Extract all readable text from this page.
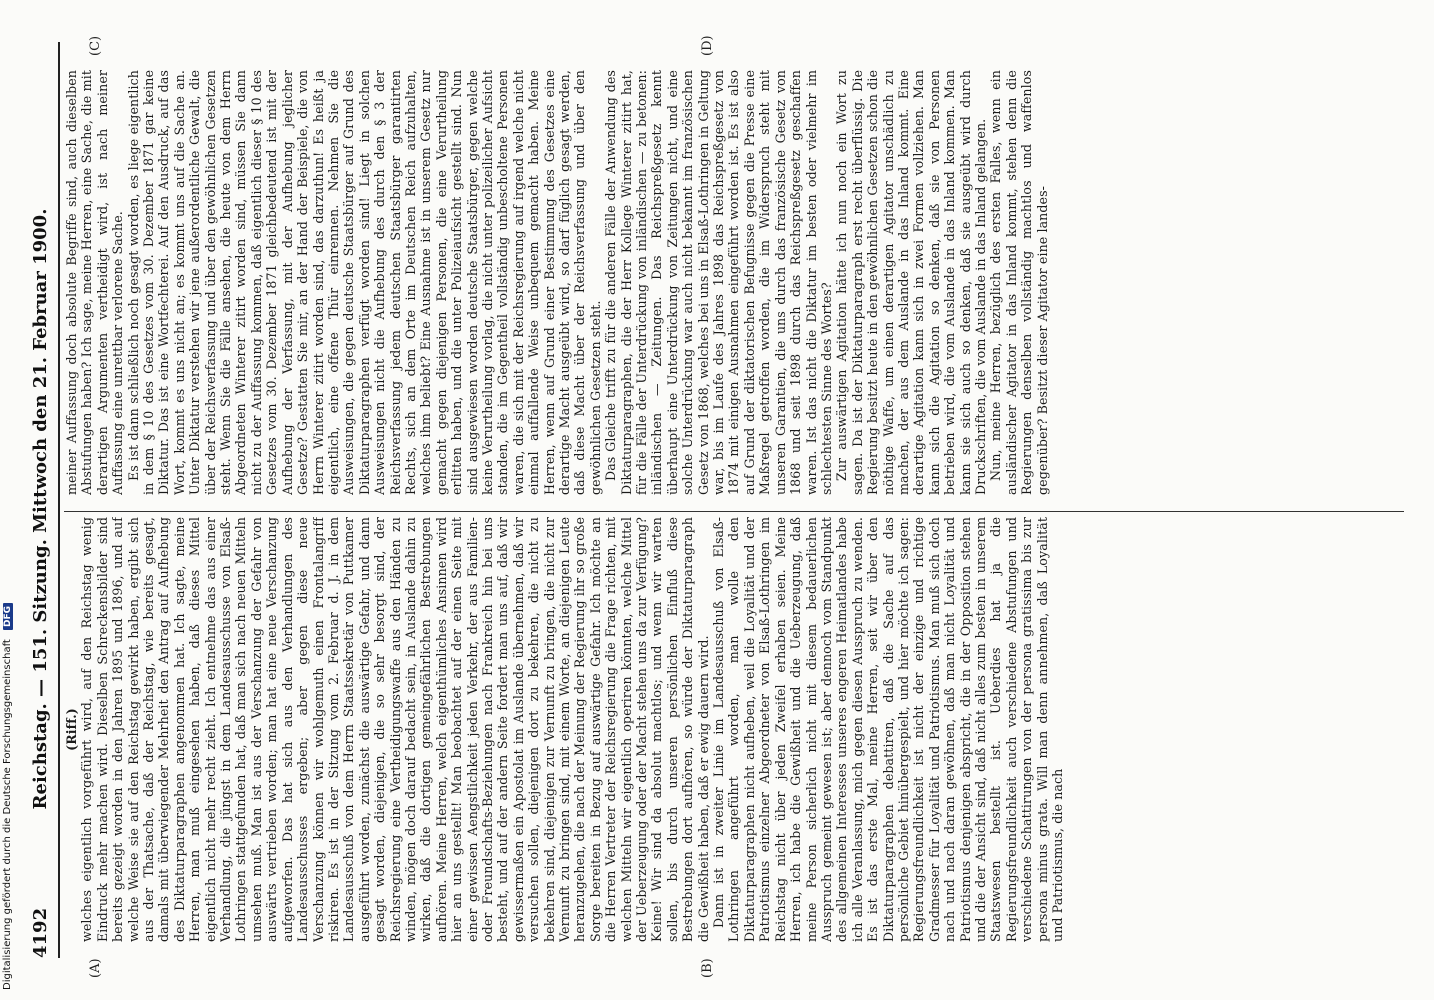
4192
Reichstag. — 151. Sitzung. Mittwoch den 21. Februar 1900.
(A)	(B)
(C)	(D)

(Riff.) welches eigentlich vorgeführt wird, auf den Reichstag wenig Eindruck mehr machen wird. Dieselben Schreckensbilder sind bereits gezeigt worden in den Jahren 1895 und 1896, und auf welche Weise sie auf den Reichstag gewirkt haben, ergibt sich aus der Thatsache, daß der Reichstag, wie bereits gesagt, damals mit überwiegender Mehrheit den Antrag auf Aufhebung des Diktaturparagraphen angenommen hat. Ich sagte, meine Herren, man muß eingesehen haben, daß dieses Mittel eigentlich nicht mehr recht zieht. Ich entnehme das aus einer Verhandlung, die jüngst in dem Landesausschusse von Elsaß-Lothringen stattgefunden hat, daß man sich nach neuen Mitteln umsehen muß. Man ist aus der Verschanzung der Gefahr von auswärts vertrieben worden; man hat eine neue Verschanzung aufgeworfen. Das hat sich aus den Verhandlungen des Landesausschusses ergeben; aber gegen diese neue Verschanzung können wir wohlgemuth einen Frontalangriff riskiren. Es ist in der Sitzung vom 2. Februar d. J. in dem Landesausschuß von dem Herrn Staatssekretär von Puttkamer ausgeführt worden, zunächst die auswärtige Gefahr, und dann gesagt worden, diejenigen, die so sehr besorgt sind, der Reichsregierung eine Vertheidigungswaffe aus den Händen zu winden, mögen doch darauf bedacht sein, in Auslande dahin zu wirken, daß die dortigen gemeingefährlichen Bestrebungen aufhören. Meine Herren, welch eigenthümliches Ansinnen wird hier an uns gestellt! Man beobachtet auf der einen Seite mit einer gewissen Aengstlichkeit jeden Verkehr, der aus Familien- oder Freundschafts-Beziehungen nach Frankreich hin bei uns besteht, und auf der andern Seite fordert man uns auf, daß wir gewissermaßen ein Apostolat im Auslande übernehmen, daß wir versuchen sollen, diejenigen dort zu bekehren, die nicht zu bekehren sind, diejenigen zur Vernunft zu bringen, die nicht zur Vernunft zu bringen sind, mit einem Worte, an diejenigen Leute heranzugehen, die nach der Meinung der Regierung ihr so große Sorge bereiten in Bezug auf auswärtige Gefahr. Ich möchte an die Herren Vertreter der Reichsregierung die Frage richten, mit welchen Mitteln wir eigentlich operiren könnten, welche Mittel der Ueberzeugung oder der Macht stehen uns da zur Verfügung? Keine! Wir sind da absolut machtlos; und wenn wir warten sollen, bis durch unseren persönlichen Einfluß diese Bestrebungen dort aufhören, so würde der Diktaturparagraph die Gewißheit haben, daß er ewig dauern wird. Dann ist in zweiter Linie im Landesausschuß von Elsaß-Lothringen angeführt worden, man wolle den Diktaturparagraphen nicht aufheben, weil die Loyalität und der Patriotismus einzelner Abgeordneter von Elsaß-Lothringen im Reichstag nicht über jeden Zweifel erhaben seien. Meine Herren, ich habe die Gewißheit und die Ueberzeugung, daß meine Person sicherlich nicht mit diesem bedauerlichen Ausspruch gemeint gewesen ist; aber dennoch vom Standpunkt des allgemeinen Interesses unseres engeren Heimatlandes habe ich alle Veranlassung, mich gegen diesen Ausspruch zu wenden. Es ist das erste Mal, meine Herren, seit wir über den Diktaturparagraphen debattiren, daß die Sache auf das persönliche Gebiet hinübergespielt, und hier möchte ich sagen: Regierungsfreundlichkeit ist nicht der einzige und richtige Gradmesser für Loyalität und Patriotismus. Man muß sich doch nach und nach daran gewöhnen, daß man nicht Loyalität und Patriotismus denjenigen abspricht, die in der Opposition stehen und die der Ansicht sind, daß nicht alles zum besten in unserem Staatswesen bestellt ist. Ueberdies hat ja die Regierungsfreundlichkeit auch verschiedene Abstufungen und verschiedene Schattirungen von der persona gratissima bis zur persona minus grata. Will man denn annehmen, daß Loyalität und Patriotismus, die nach

meiner Auffassung doch absolute Begriffe sind, auch dieselben Abstufungen haben? Ich sage, meine Herren, eine Sache, die mit derartigen Argumenten vertheidigt wird, ist nach meiner Auffassung eine unrettbar verlorene Sache. Es ist dann schließlich noch gesagt worden, es liege eigentlich in dem § 10 des Gesetzes vom 30. Dezember 1871 gar keine Diktatur. Das ist eine Wortfechterei. Auf den Ausdruck, auf das Wort, kommt es uns nicht an; es kommt uns auf die Sache an. Unter Diktatur verstehen wir jene außerordentliche Gewalt, die über der Reichsverfassung und über den gewöhnlichen Gesetzen steht. Wenn Sie die Fälle ansehen, die heute von dem Herrn Abgeordneten Winterer zitirt worden sind, müssen Sie dann nicht zu der Auffassung kommen, daß eigentlich dieser § 10 des Gesetzes vom 30. Dezember 1871 gleichbedeutend ist mit der Aufhebung der Verfassung, mit der Aufhebung jeglicher Gesetze? Gestatten Sie mir, an der Hand der Beispiele, die von Herrn Winterer zitirt worden sind, das darzuthun! Es heißt ja eigentlich, eine offene Thür einrennen. Nehmen Sie die Ausweisungen, die gegen deutsche Staatsbürger auf Grund des Diktaturparagraphen verfügt worden sind! Liegt in solchen Ausweisungen nicht die Aufhebung des durch den § 3 der Reichsverfassung jedem deutschen Staatsbürger garantirten Rechts, sich an dem Orte im Deutschen Reich aufzuhalten, welches ihm beliebt? Eine Ausnahme ist in unserem Gesetz nur gemacht gegen diejenigen Personen, die eine Verurtheilung erlitten haben, und die unter Polizeiaufsicht gestellt sind. Nun sind ausgewiesen worden deutsche Staatsbürger, gegen welche keine Verurtheilung vorlag, die nicht unter polizeilicher Aufsicht standen, die im Gegentheil vollständig unbescholtene Personen waren, die sich mit der Reichsregierung auf irgend welche nicht einmal auffallende Weise unbequem gemacht haben. Meine Herren, wenn auf Grund einer Bestimmung des Gesetzes eine derartige Macht ausgeübt wird, so darf füglich gesagt werden, daß diese Macht über der Reichsverfassung und über den gewöhnlichen Gesetzen steht. Das Gleiche trifft zu für die anderen Fälle der Anwendung des Diktaturparagraphen, die der Herr Kollege Winterer zitirt hat, für die Fälle der Unterdrückung von inländischen — zu betonen: inländischen — Zeitungen. Das Reichspreßgesetz kennt überhaupt eine Unterdrückung von Zeitungen nicht, und eine solche Unterdrückung war auch nicht bekannt im französischen Gesetz von 1868, welches bei uns in Elsaß-Lothringen in Geltung war, bis im Laufe des Jahres 1898 das Reichspreßgesetz von 1874 mit einigen Ausnahmen eingeführt worden ist. Es ist also auf Grund der diktatorischen Befugnisse gegen die Presse eine Maßregel getroffen worden, die im Widerspruch steht mit unseren Garantien, die uns durch das französische Gesetz von 1868 und seit 1898 durch das Reichspreßgesetz geschaffen waren. Ist das nicht die Diktatur im besten oder vielmehr im schlechtesten Sinne des Wortes? Zur auswärtigen Agitation hätte ich nun noch ein Wort zu sagen. Da ist der Diktaturparagraph erst recht überflüssig. Die Regierung besitzt heute in den gewöhnlichen Gesetzen schon die nöthige Waffe, um einen derartigen Agitator unschädlich zu machen, der aus dem Auslande in das Inland kommt. Eine derartige Agitation kann sich in zwei Formen vollziehen. Man kann sich die Agitation so denken, daß sie von Personen betrieben wird, die vom Auslande in das Inland kommen. Man kann sie sich auch so denken, daß sie ausgeübt wird durch Druckschriften, die vom Auslande in das Inland gelangen. Nun, meine Herren, bezüglich des ersten Falles, wenn ein ausländischer Agitator in das Inland kommt, stehen denn die Regierungen denselben vollständig machtlos und waffenlos gegenüber? Besitzt dieser Agitator eine landes-

Digitalisierung gefördert durch die Deutsche Forschungsgemeinschaft DFG
